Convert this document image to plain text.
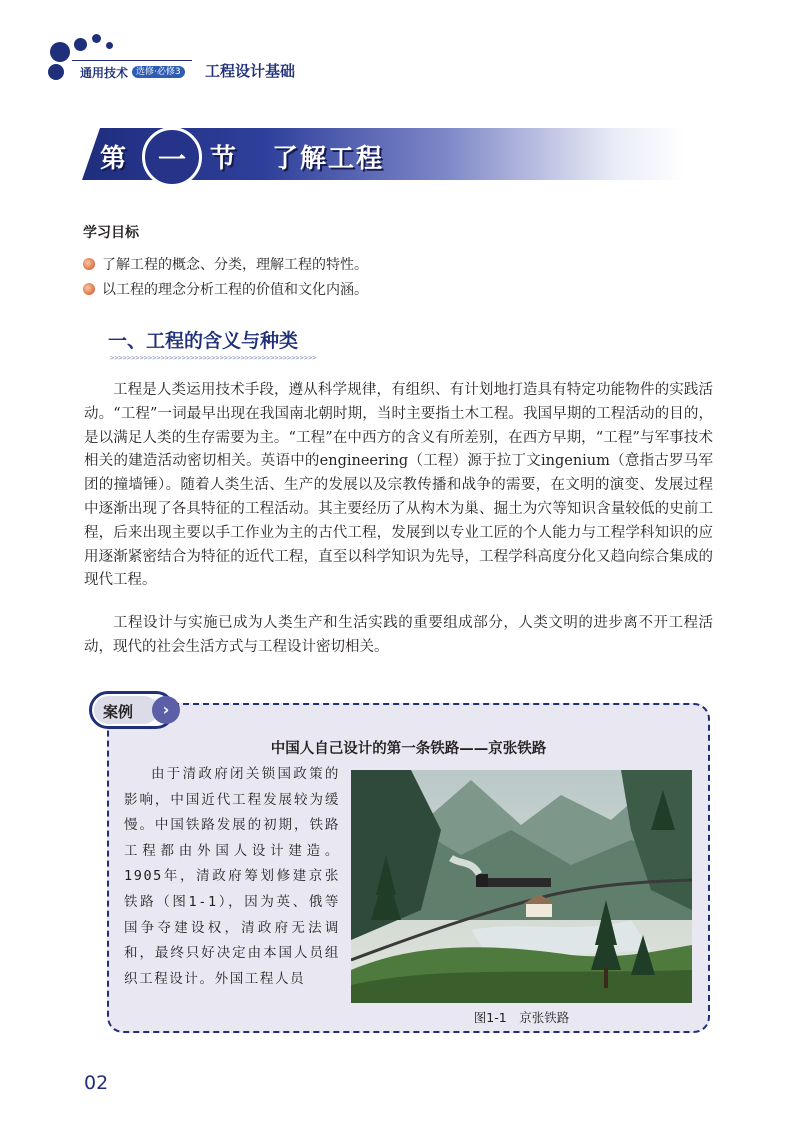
通用技术 选修·必修3 工程设计基础
第	一 节 了解工程
学习目标
了解工程的概念、分类，理解工程的特性。
以工程的理念分析工程的价值和文化内涵。
一、工程的含义与种类
>>>>>>>>>>>>>>>>>>>>>>>>>>>>>>>>>>>>>>>>>>>>>>>>>

工程是人类运用技术手段，遵从科学规律，有组织、有计划地打造具有特定功能物件的实践活动。“工程”一词最早出现在我国南北朝时期，当时主要指土木工程。我国早期的工程活动的目的，是以满足人类的生存需要为主。“工程”在中西方的含义有所差别，在西方早期，“工程”与军事技术相关的建造活动密切相关。英语中的engineering（工程）源于拉丁文ingenium（意指古罗马军团的撞墙锤）。随着人类生活、生产的发展以及宗教传播和战争的需要，在文明的演变、发展过程中逐渐出现了各具特征的工程活动。其主要经历了从构木为巢、掘土为穴等知识含量较低的史前工程，后来出现主要以手工作业为主的古代工程，发展到以专业工匠的个人能力与工程学科知识的应用逐渐紧密结合为特征的近代工程，直至以科学知识为先导，工程学科高度分化又趋向综合集成的现代工程。

工程设计与实施已成为人类生产和生活实践的重要组成部分，人类文明的进步离不开工程活动，现代的社会生活方式与工程设计密切相关。

案例	›
中国人自己设计的第一条铁路——京张铁路

由于清政府闭关锁国政策的影响，中国近代工程发展较为缓慢。中国铁路发展的初期，铁路工程都由外国人设计建造。1905年，清政府筹划修建京张铁路（图1-1），因为英、俄等国争夺建设权，清政府无法调和，最终只好决定由本国人员组织工程设计。外国工程人员

图1-1　京张铁路
02
